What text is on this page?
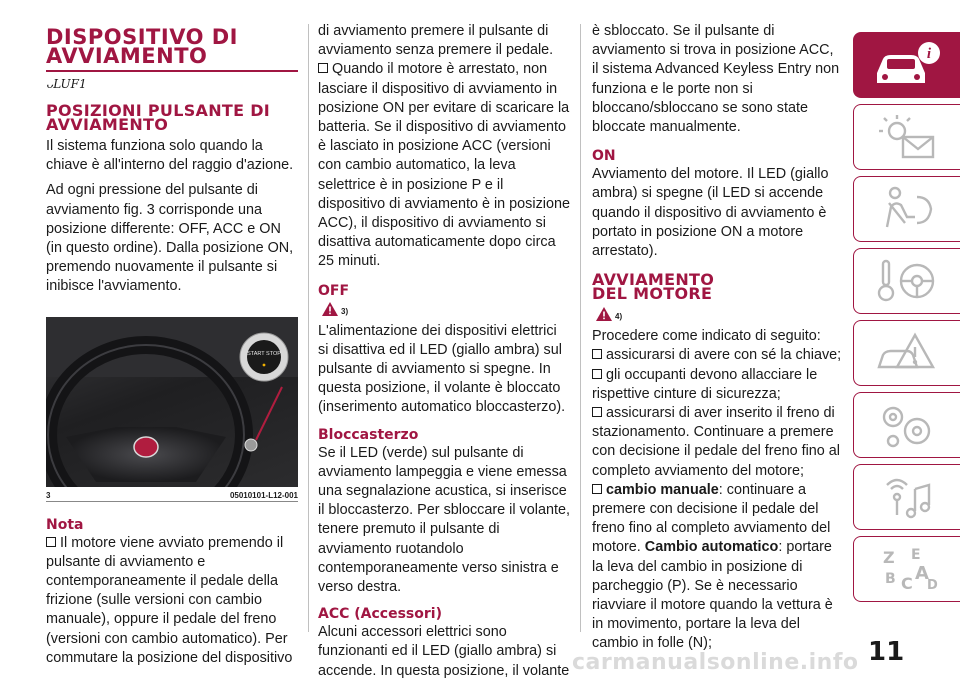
DISPOSITIVO DI AVVIAMENTO
ᴗLUF1
POSIZIONI PULSANTE DI AVVIAMENTO

Il sistema funziona solo quando la chiave è all'interno del raggio d'azione.

Ad ogni pressione del pulsante di avviamento fig. 3 corrisponde una posizione differente: OFF, ACC e ON (in questo ordine). Dalla posizione ON, premendo nuovamente il pulsante si inibisce l'avviamento.

START STOP
3	05010101-L12-001
Nota

Il motore viene avviato premendo il pulsante di avviamento e contemporaneamente il pedale della frizione (sulle versioni con cambio manuale), oppure il pedale del freno (versioni con cambio automatico). Per commutare la posizione del dispositivo

di avviamento premere il pulsante di avviamento senza premere il pedale.

Quando il motore è arrestato, non lasciare il dispositivo di avviamento in posizione ON per evitare di scaricare la batteria. Se il dispositivo di avviamento è lasciato in posizione ACC (versioni con cambio automatico, la leva selettrice è in posizione P e il dispositivo di avviamento è in posizione ACC), il dispositivo di avviamento si disattiva automaticamente dopo circa 25 minuti.

OFF
3)

L'alimentazione dei dispositivi elettrici si disattiva ed il LED (giallo ambra) sul pulsante di avviamento si spegne. In questa posizione, il volante è bloccato (inserimento automatico bloccasterzo).

Bloccasterzo

Se il LED (verde) sul pulsante di avviamento lampeggia e viene emessa una segnalazione acustica, si inserisce il bloccasterzo. Per sbloccare il volante, tenere premuto il pulsante di avviamento ruotandolo contemporaneamente verso sinistra e verso destra.

ACC (Accessori)

Alcuni accessori elettrici sono funzionanti ed il LED (giallo ambra) si accende. In questa posizione, il volante

è sbloccato. Se il pulsante di avviamento si trova in posizione ACC, il sistema Advanced Keyless Entry non funziona e le porte non si bloccano/sbloccano se sono state bloccate manualmente.

ON

Avviamento del motore. Il LED (giallo ambra) si spegne (il LED si accende quando il dispositivo di avviamento è portato in posizione ON a motore arrestato).

AVVIAMENTO DEL MOTORE
4)

Procedere come indicato di seguito:

assicurarsi di avere con sé la chiave;

gli occupanti devono allacciare le rispettive cinture di sicurezza;

assicurarsi di aver inserito il freno di stazionamento. Continuare a premere con decisione il pedale del freno fino al completo avviamento del motore;

cambio manuale: continuare a premere con decisione il pedale del freno fino al completo avviamento del motore. Cambio automatico: portare la leva del cambio in posizione di parcheggio (P). Se è necessario riavviare il motore quando la vettura è in movimento, portare la leva del cambio in folle (N);

i
Z E
B C A
D
11
carmanualsonline.info
